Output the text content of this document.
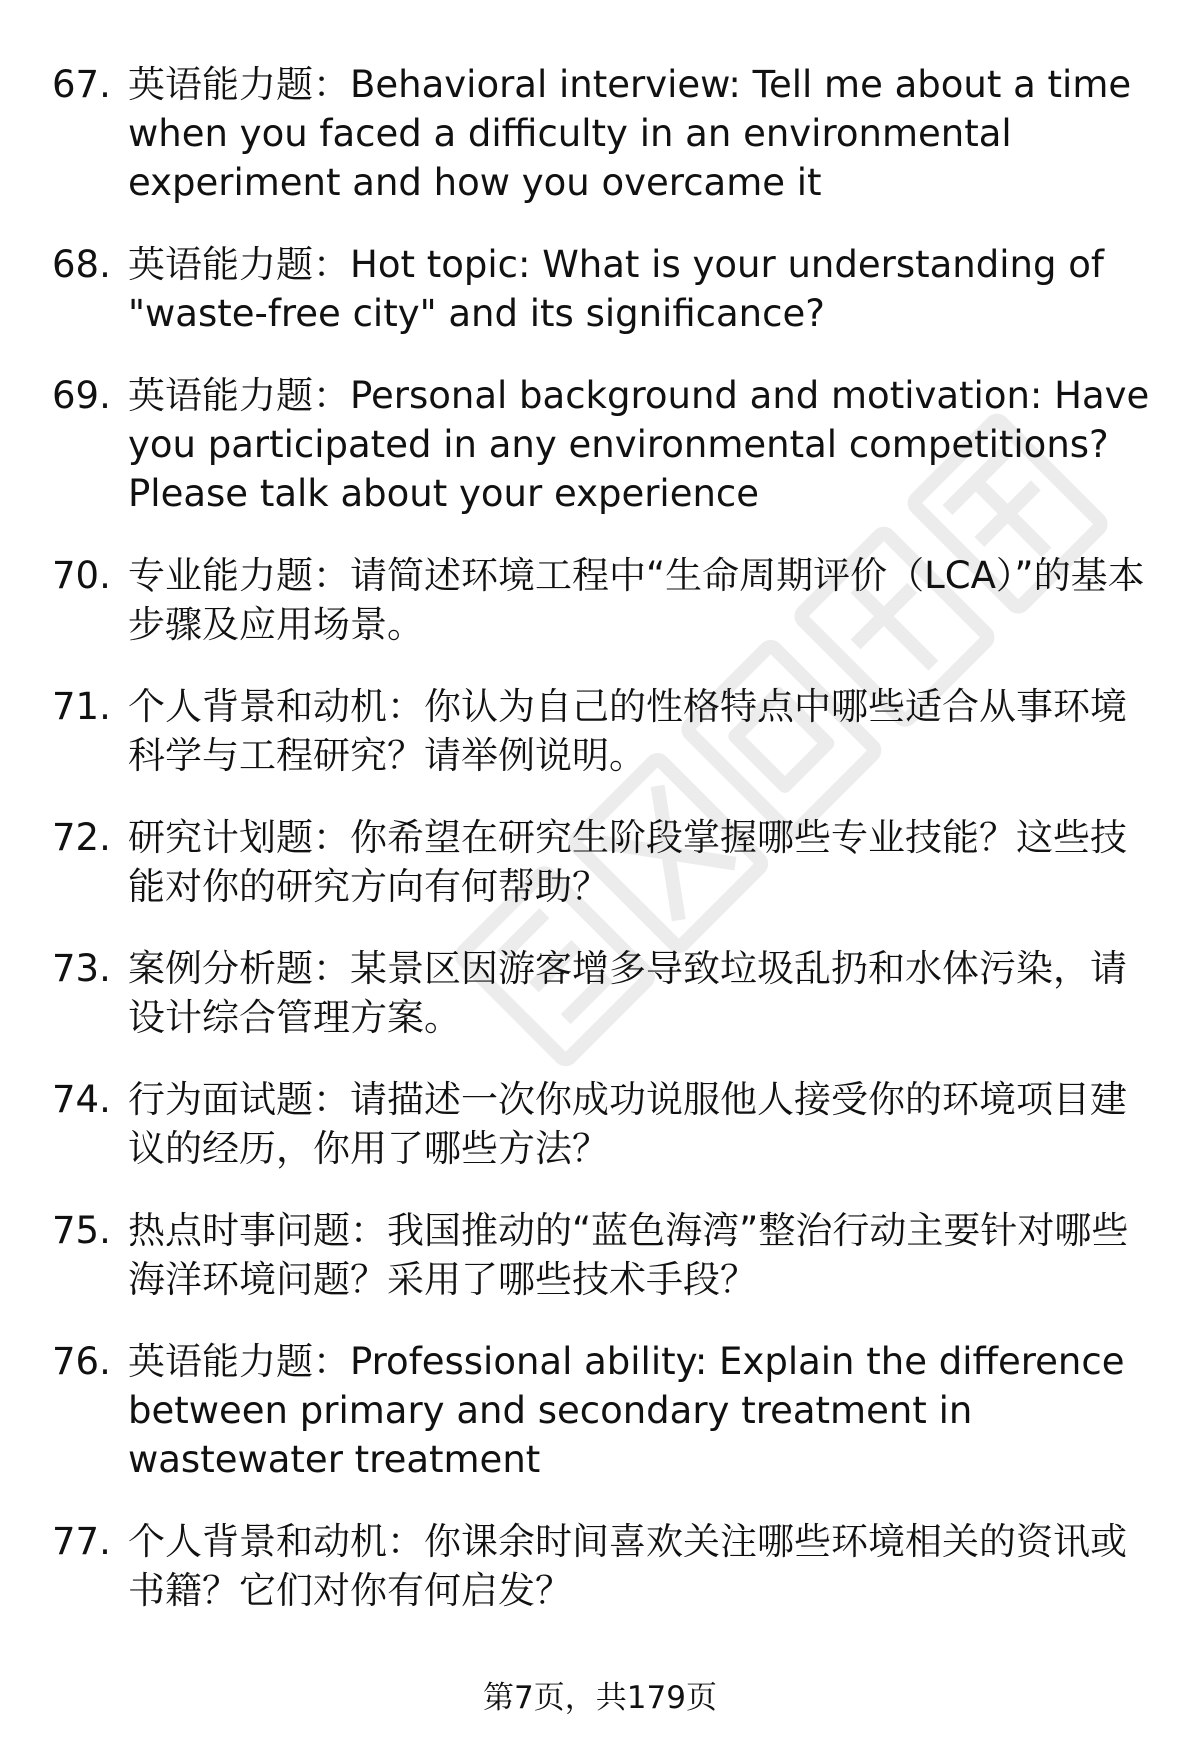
67. 英语能力题：Behavioral interview: Tell me about a time when you faced a difficulty in an environmental experiment and how you overcame it
68. 英语能力题：Hot topic: What is your understanding of "waste-free city" and its significance?
69. 英语能力题：Personal background and motivation: Have you participated in any environmental competitions? Please talk about your experience
70. 专业能力题：请简述环境工程中“生命周期评价（LCA）”的基本步骤及应用场景。
71. 个人背景和动机：你认为自己的性格特点中哪些适合从事环境科学与工程研究？请举例说明。
72. 研究计划题：你希望在研究生阶段掌握哪些专业技能？这些技能对你的研究方向有何帮助？
73. 案例分析题：某景区因游客增多导致垃圾乱扔和水体污染，请设计综合管理方案。
74. 行为面试题：请描述一次你成功说服他人接受你的环境项目建议的经历，你用了哪些方法？
75. 热点时事问题：我国推动的“蓝色海湾”整治行动主要针对哪些海洋环境问题？采用了哪些技术手段？
76. 英语能力题：Professional ability: Explain the difference between primary and secondary treatment in wastewater treatment
77. 个人背景和动机：你课余时间喜欢关注哪些环境相关的资讯或书籍？它们对你有何启发？
第7页，共179页
